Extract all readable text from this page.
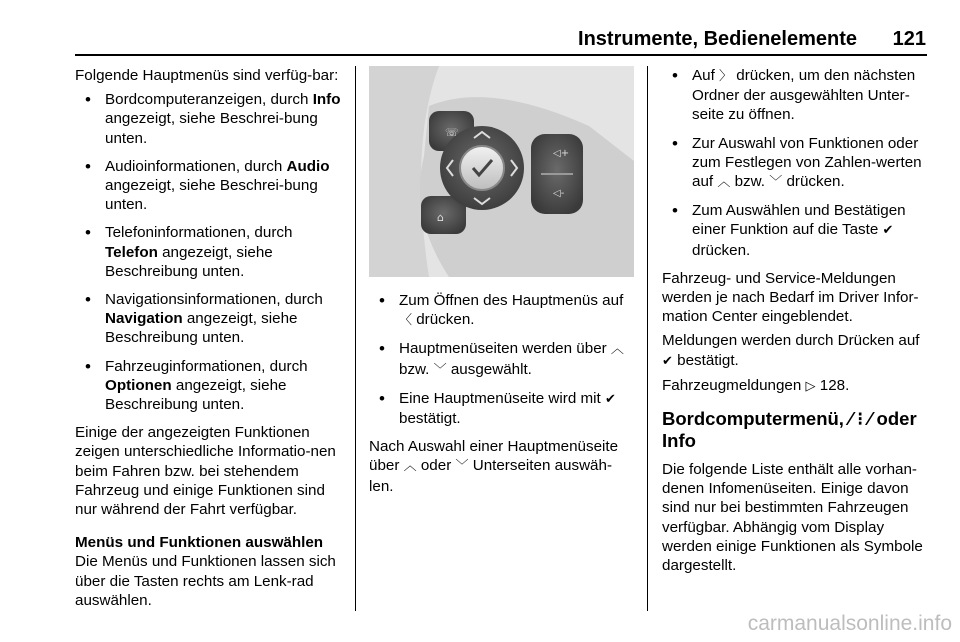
Instrumente, Bedienelemente 121

Folgende Hauptmenüs sind verfüg-bar:

• Bordcomputeranzeigen, durch Info angezeigt, siehe Beschrei-bung unten.
• Audioinformationen, durch Audio angezeigt, siehe Beschrei-bung unten.
• Telefoninformationen, durch Telefon angezeigt, siehe Beschreibung unten.
• Navigationsinformationen, durch Navigation angezeigt, siehe Beschreibung unten.
• Fahrzeuginformationen, durch Optionen angezeigt, siehe Beschreibung unten.

Einige der angezeigten Funktionen zeigen unterschiedliche Informatio-nen beim Fahren bzw. bei stehendem Fahrzeug und einige Funktionen sind nur während der Fahrt verfügbar.

Menüs und Funktionen auswählen

Die Menüs und Funktionen lassen sich über die Tasten rechts am Lenk-rad auswählen.

◁+
◁-
☏
⌂
• Zum Öffnen des Hauptmenüs auf 〈 drücken.
• Hauptmenüseiten werden über ︿ bzw. ﹀ ausgewählt.
• Eine Hauptmenüseite wird mit ✔ bestätigt.

Nach Auswahl einer Hauptmenüseite über ︿ oder ﹀ Unterseiten auswäh-len.

• Auf 〉 drücken, um den nächsten Ordner der ausgewählten Unter-seite zu öffnen.
• Zur Auswahl von Funktionen oder zum Festlegen von Zahlen-werten auf ︿ bzw. ﹀ drücken.
• Zum Auswählen und Bestätigen einer Funktion auf die Taste ✔ drücken.

Fahrzeug- und Service-Meldungen werden je nach Bedarf im Driver Infor-mation Center eingeblendet.

Meldungen werden durch Drücken auf ✔ bestätigt.

Fahrzeugmeldungen ▷ 128.

Bordcomputermenü, ⁄ ⁝ ⁄ oder Info

Die folgende Liste enthält alle vorhan-denen Infomenüseiten. Einige davon sind nur bei bestimmten Fahrzeugen verfügbar. Abhängig vom Display werden einige Funktionen als Symbole dargestellt.

carmanualsonline.info
